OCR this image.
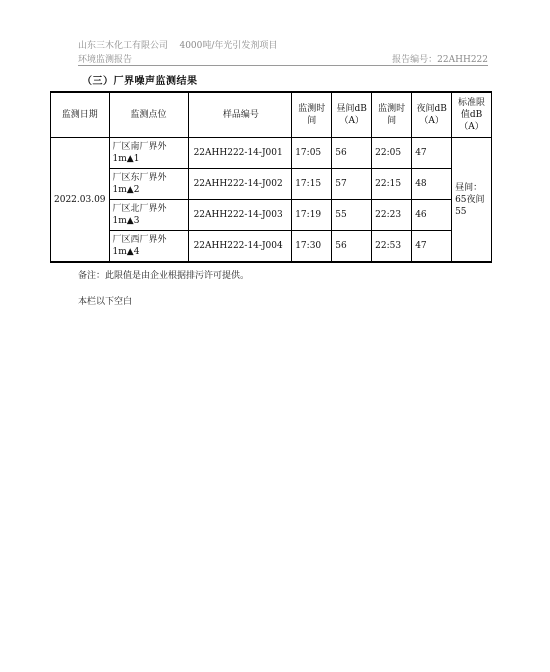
山东三木化工有限公司 4000吨/年光引发剂项目
环境监测报告	报告编号：22AHH222
（三）厂界噪声监测结果
监测日期	监测点位	样品编号	监测时间	昼间dB（A）	监测时间	夜间dB（A）	标准限值dB（A）
2022.03.09	厂区南厂界外
1m▲1	22AHH222-14-J001	17:05	56	22:05	47	昼间：65夜间55
	厂区东厂界外
1m▲2	22AHH222-14-J002	17:15	57	22:15	48	
	厂区北厂界外
1m▲3	22AHH222-14-J003	17:19	55	22:23	46	
	厂区西厂界外
1m▲4	22AHH222-14-J004	17:30	56	22:53	47	
备注：此限值是由企业根据排污许可提供。
本栏以下空白
